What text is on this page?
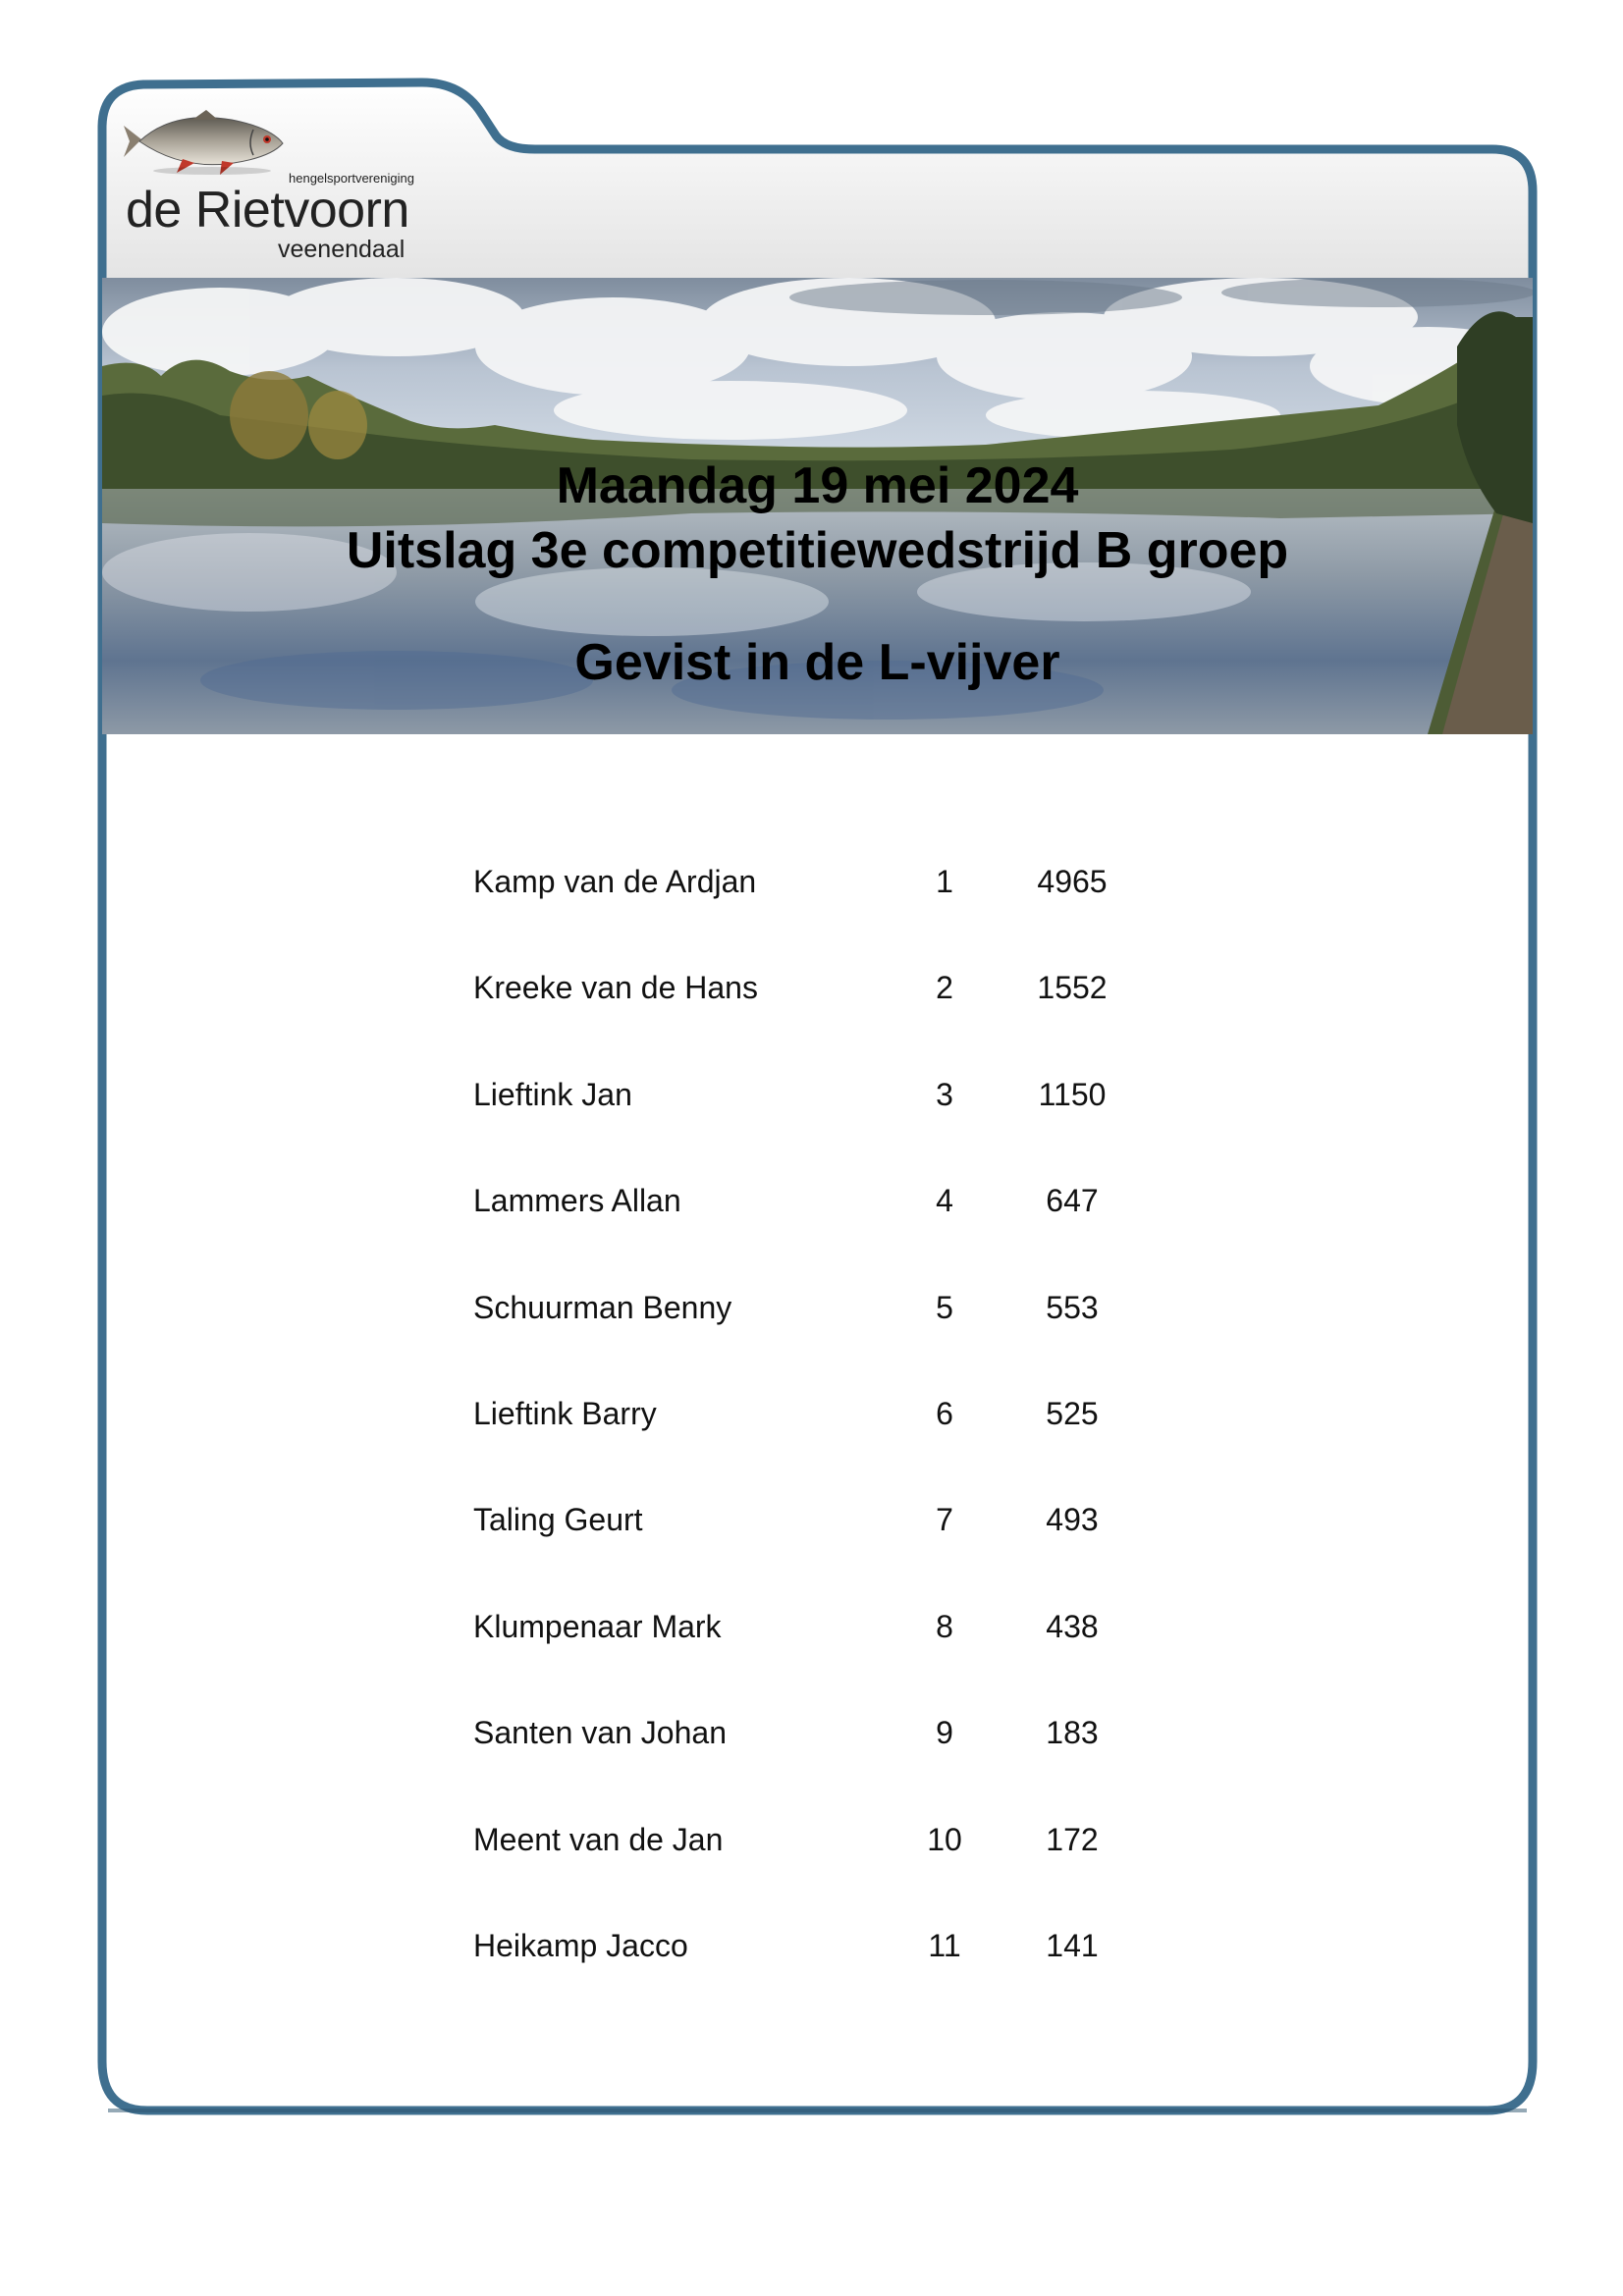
hengelsportvereniging
de Rietvoorn
veenendaal
Maandag 19 mei 2024
Uitslag 3e competitiewedstrijd B groep
Gevist in de L-vijver
Kamp van de Ardjan	1	4965
Kreeke van de Hans	2	1552
Lieftink Jan	3	1150
Lammers Allan	4	647
Schuurman Benny	5	553
Lieftink Barry	6	525
Taling Geurt	7	493
Klumpenaar Mark	8	438
Santen van Johan	9	183
Meent van de Jan	10	172
Heikamp Jacco	11	141
